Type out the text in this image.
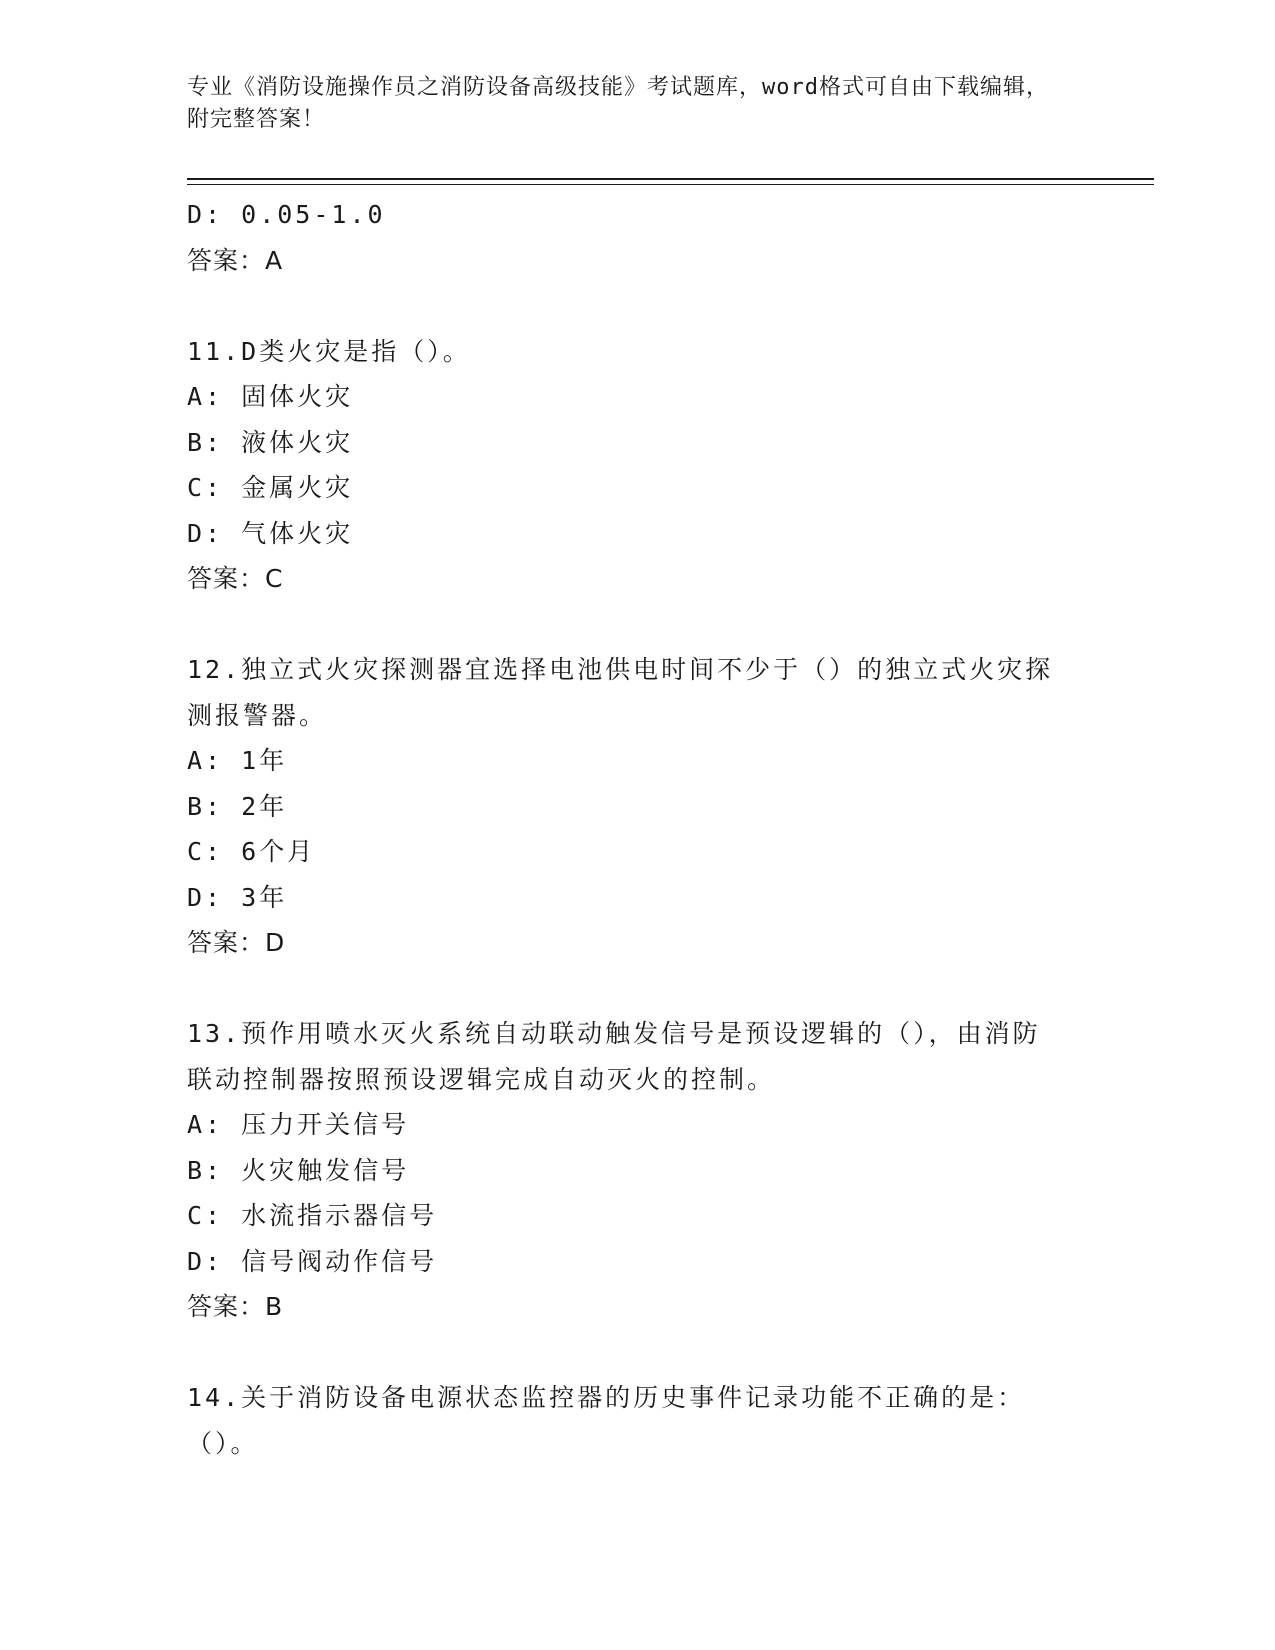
专业《消防设施操作员之消防设备高级技能》考试题库，word格式可自由下载编辑，附完整答案！
D: 0.05-1.0
答案：A
11.D类火灾是指（）。
A: 固体火灾
B: 液体火灾
C: 金属火灾
D: 气体火灾
答案：C
12.独立式火灾探测器宜选择电池供电时间不少于（）的独立式火灾探测报警器。
A: 1年
B: 2年
C: 6个月
D: 3年
答案：D
13.预作用喷水灭火系统自动联动触发信号是预设逻辑的（），由消防联动控制器按照预设逻辑完成自动灭火的控制。
A: 压力开关信号
B: 火灾触发信号
C: 水流指示器信号
D: 信号阀动作信号
答案：B
14.关于消防设备电源状态监控器的历史事件记录功能不正确的是：（）。
